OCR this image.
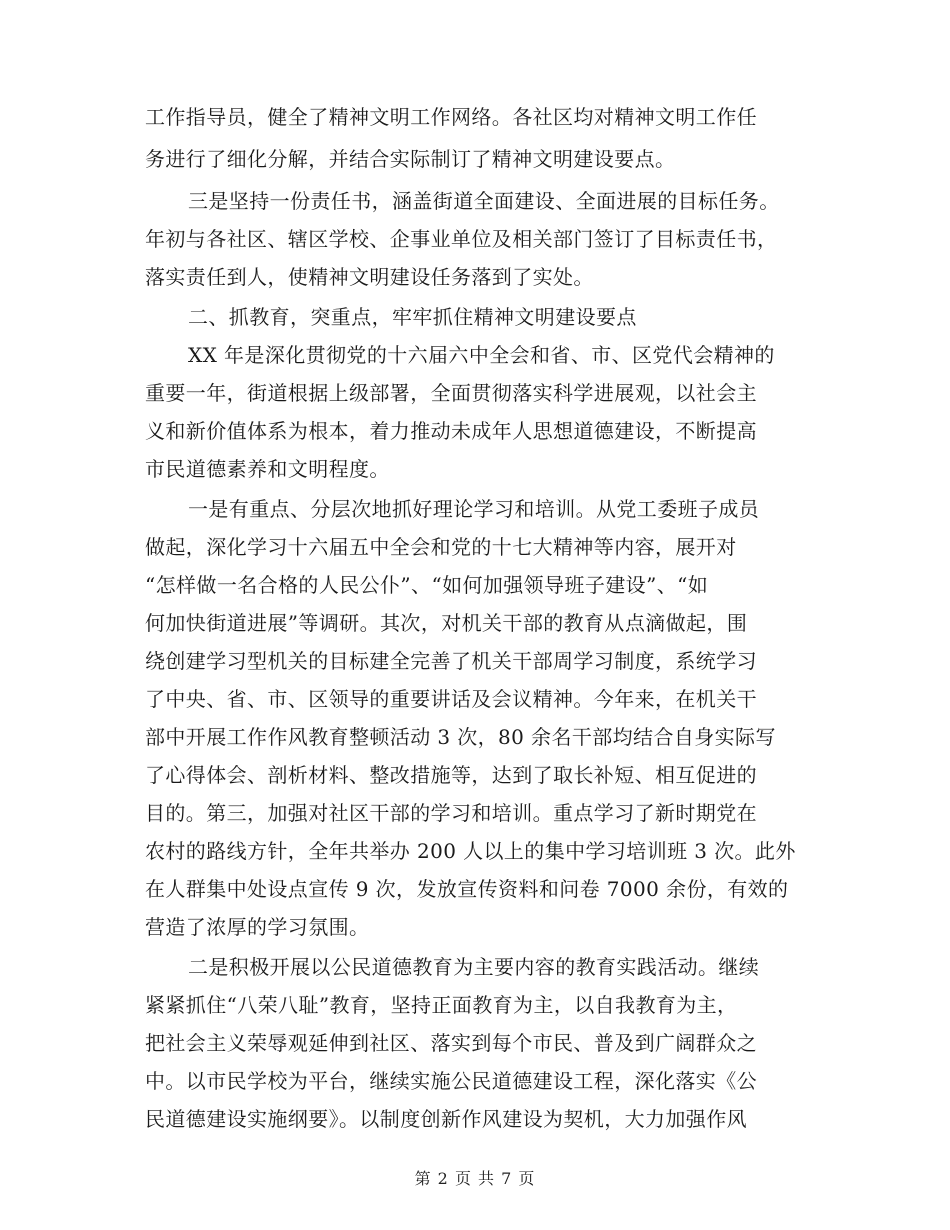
工作指导员，健全了精神文明工作网络。各社区均对精神文明工作任
务进行了细化分解，并结合实际制订了精神文明建设要点。
三是坚持一份责任书，涵盖街道全面建设、全面进展的目标任务。
年初与各社区、辖区学校、企事业单位及相关部门签订了目标责任书，
落实责任到人，使精神文明建设任务落到了实处。
二、抓教育，突重点，牢牢抓住精神文明建设要点
XX 年是深化贯彻党的十六届六中全会和省、市、区党代会精神的
重要一年，街道根据上级部署，全面贯彻落实科学进展观，以社会主
义和新价值体系为根本，着力推动未成年人思想道德建设，不断提高
市民道德素养和文明程度。
一是有重点、分层次地抓好理论学习和培训。从党工委班子成员
做起，深化学习十六届五中全会和党的十七大精神等内容，展开对
“怎样做一名合格的人民公仆”、“如何加强领导班子建设”、“如
何加快街道进展”等调研。其次，对机关干部的教育从点滴做起，围
绕创建学习型机关的目标建全完善了机关干部周学习制度，系统学习
了中央、省、市、区领导的重要讲话及会议精神。今年来，在机关干
部中开展工作作风教育整顿活动 3 次，80 余名干部均结合自身实际写
了心得体会、剖析材料、整改措施等，达到了取长补短、相互促进的
目的。第三，加强对社区干部的学习和培训。重点学习了新时期党在
农村的路线方针，全年共举办 200 人以上的集中学习培训班 3 次。此外
在人群集中处设点宣传 9 次，发放宣传资料和问卷 7000 余份，有效的
营造了浓厚的学习氛围。
二是积极开展以公民道德教育为主要内容的教育实践活动。继续
紧紧抓住“八荣八耻”教育，坚持正面教育为主，以自我教育为主，
把社会主义荣辱观延伸到社区、落实到每个市民、普及到广阔群众之
中。以市民学校为平台，继续实施公民道德建设工程，深化落实《公
民道德建设实施纲要》。以制度创新作风建设为契机，大力加强作风
第 2 页 共 7 页
